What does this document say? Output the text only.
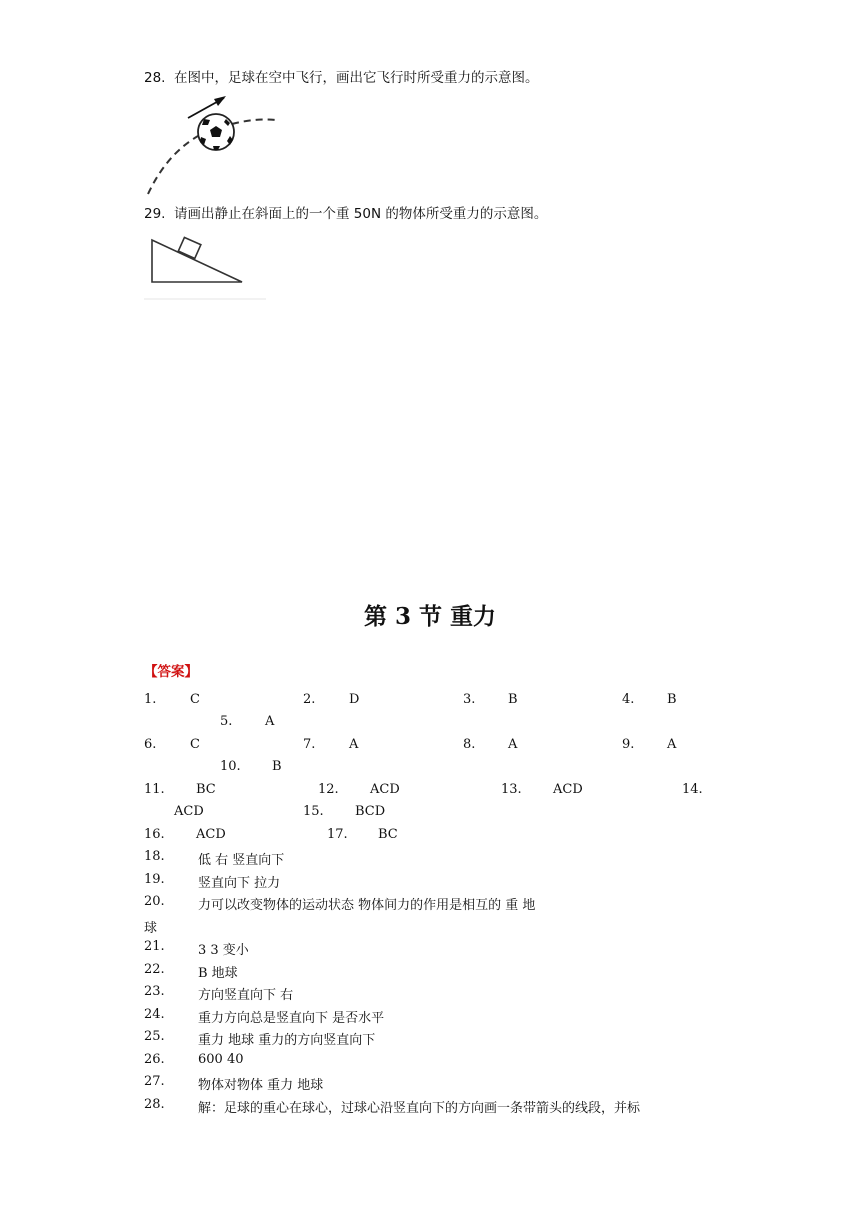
28. 在图中，足球在空中飞行，画出它飞行时所受重力的示意图。
29. 请画出静止在斜面上的一个重 50N 的物体所受重力的示意图。
第 3 节 重力
【答案】
1.	C	2.	D	3.	B	4.	B
5.	A
6.	C	7.	A	8.	A	9.	A
10. B
11. BC	12. ACD	13. ACD	14.
ACD	15. BCD
16. ACD	17. BC
18.	低 右 竖直向下
19.	竖直向下 拉力
20.	力可以改变物体的运动状态 物体间力的作用是相互的 重 地
球
21.	3 3 变小
22.	B 地球
23.	方向竖直向下 右
24.	重力方向总是竖直向下 是否水平
25.	重力 地球 重力的方向竖直向下
26.	600 40
27.	物体对物体 重力 地球
28.	解：足球的重心在球心，过球心沿竖直向下的方向画一条带箭头的线段，并标
